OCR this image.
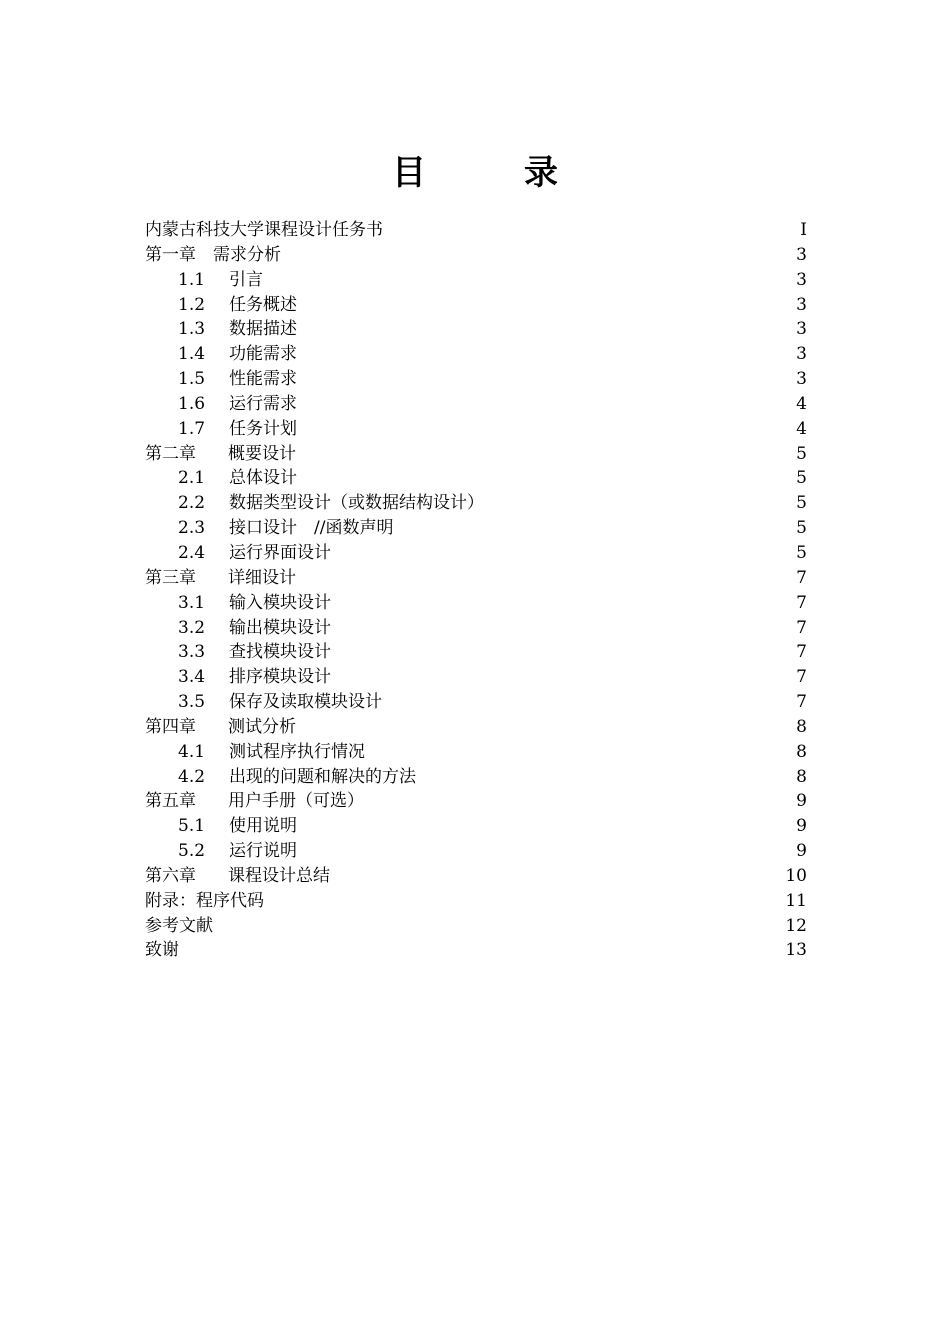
目　录
内蒙古科技大学课程设计任务书	I
第一章	需求分析	3
1.1	引言	3
1.2	任务概述	3
1.3	数据描述	3
1.4	功能需求	3
1.5	性能需求	3
1.6	运行需求	4
1.7	任务计划	4
第二章	概要设计	5
2.1	总体设计	5
2.2	数据类型设计（或数据结构设计）	5
2.3	接口设计　//函数声明	5
2.4	运行界面设计	5
第三章	详细设计	7
3.1	输入模块设计	7
3.2	输出模块设计	7
3.3	查找模块设计	7
3.4	排序模块设计	7
3.5	保存及读取模块设计	7
第四章	测试分析	8
4.1	测试程序执行情况	8
4.2	出现的问题和解决的方法	8
第五章	用户手册（可选）	9
5.1	使用说明	9
5.2	运行说明	9
第六章	课程设计总结	10
附录：程序代码	11
参考文献	12
致谢	13
